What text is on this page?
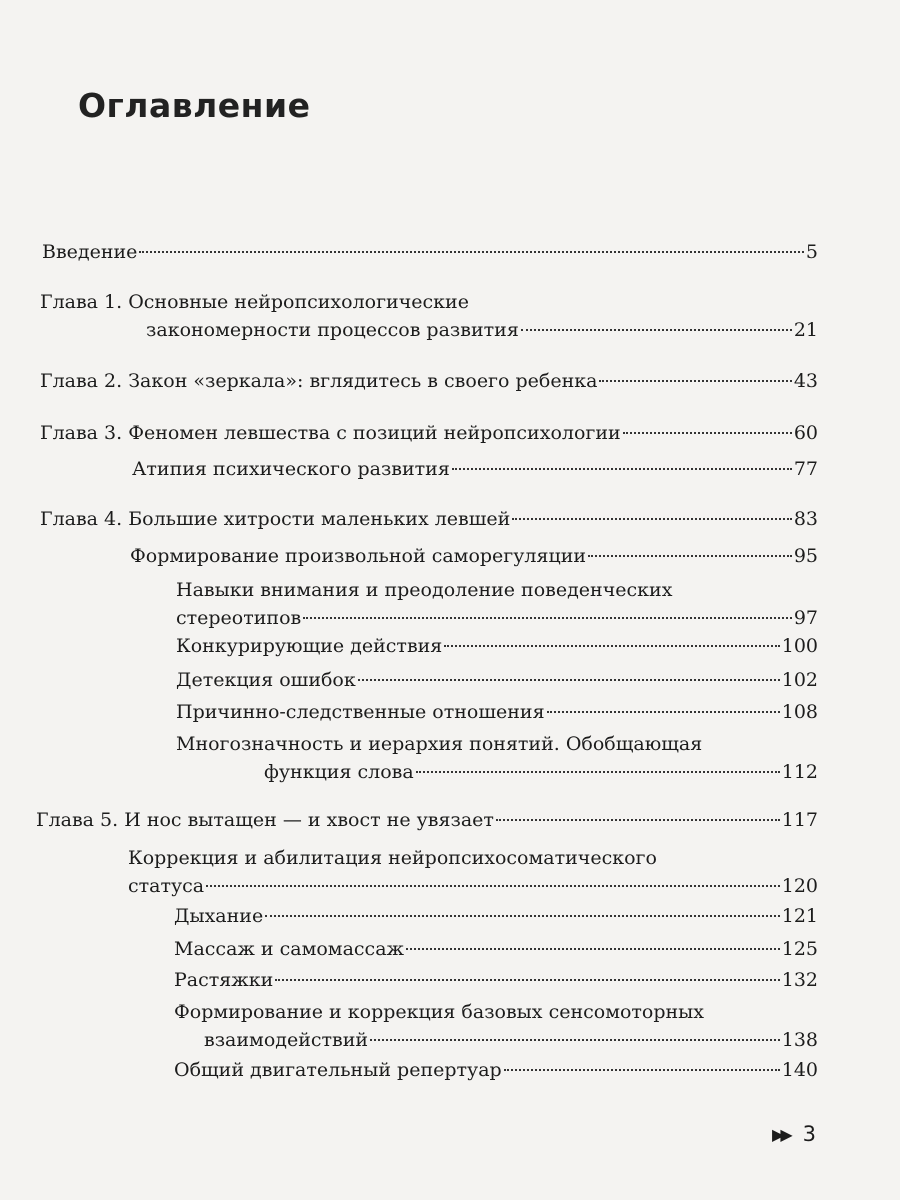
Оглавление
Введение	5
Глава 1. Основные нейропсихологические
закономерности процессов развития	21
Глава 2. Закон «зеркала»: вглядитесь в своего ребенка	43
Глава 3. Феномен левшества с позиций нейропсихологии	60
Атипия психического развития	77
Глава 4. Большие хитрости маленьких левшей	83
Формирование произвольной саморегуляции	95
Навыки внимания и преодоление поведенческих
стереотипов	97
Конкурирующие действия	100
Детекция ошибок	102
Причинно-следственные отношения	108
Многозначность и иерархия понятий. Обобщающая
функция слова	112
Глава 5. И нос вытащен — и хвост не увязает	117
Коррекция и абилитация нейропсихосоматического
статуса	120
Дыхание	121
Массаж и самомассаж	125
Растяжки	132
Формирование и коррекция базовых сенсомоторных
взаимодействий	138
Общий двигательный репертуар	140
▶▶ 3
